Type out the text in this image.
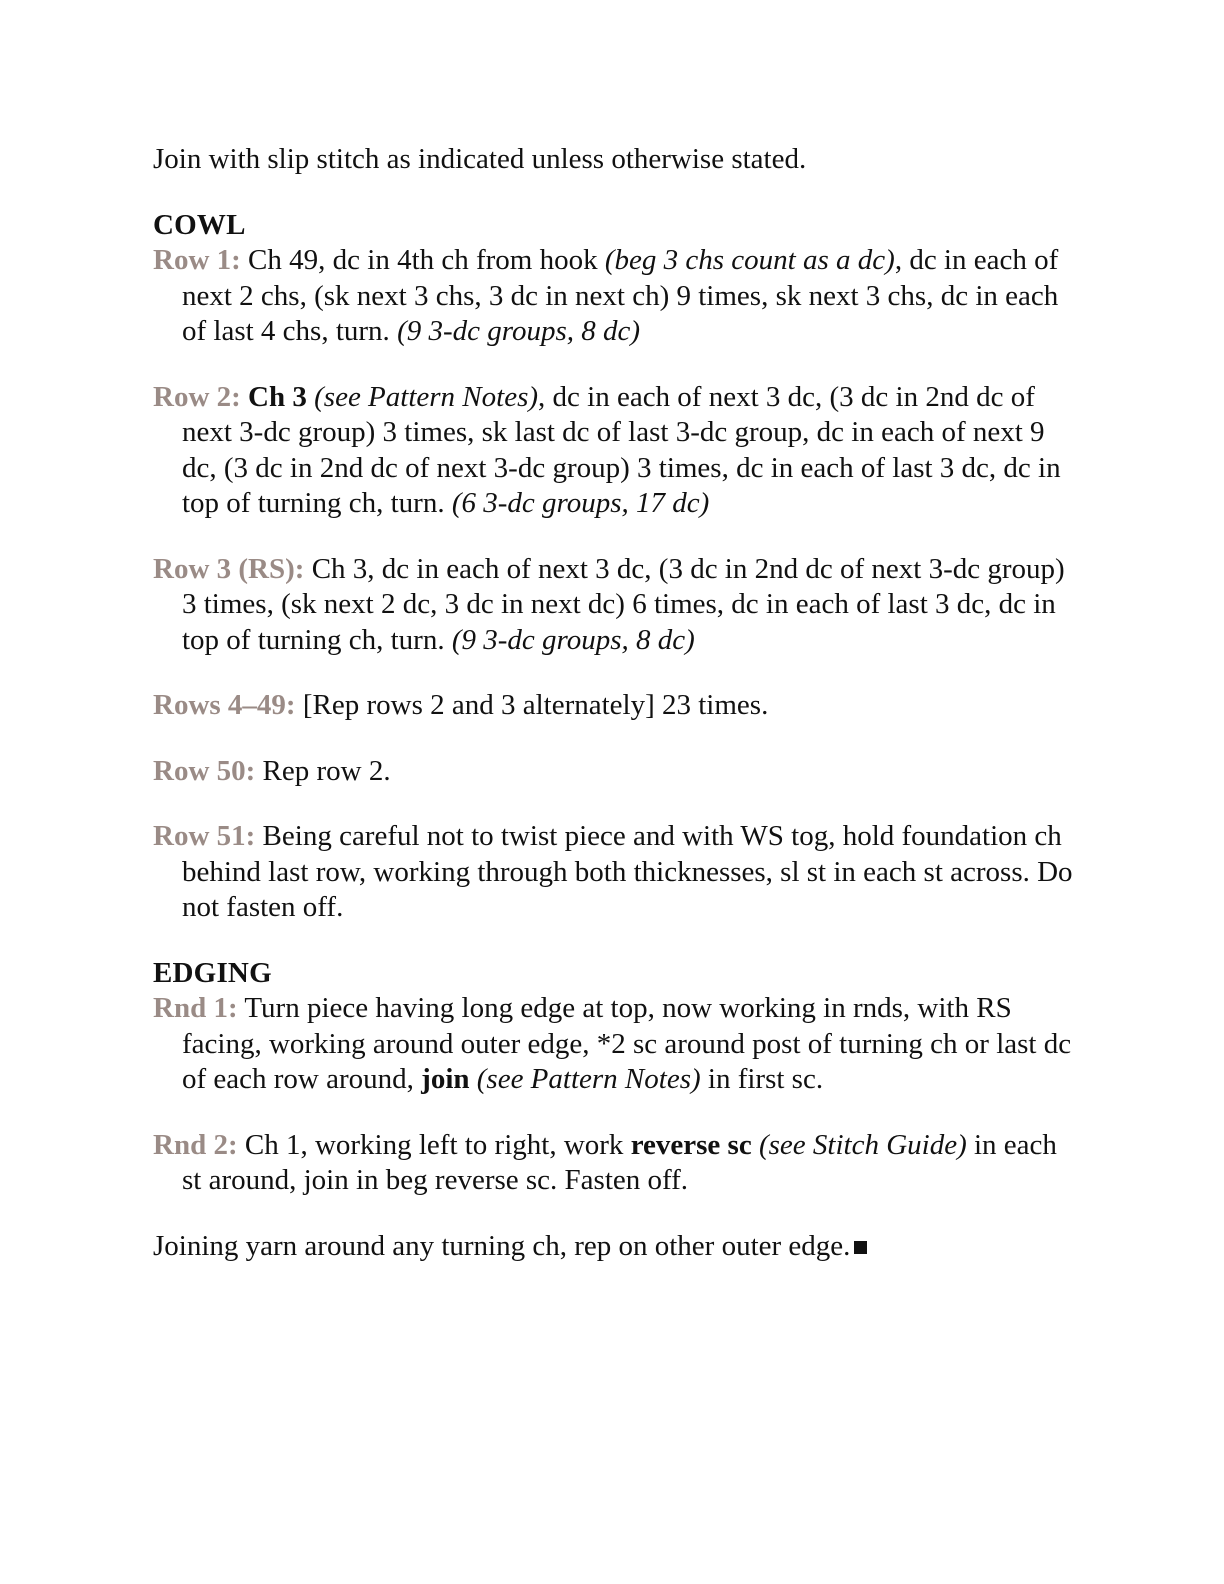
Join with slip stitch as indicated unless otherwise stated.

COWL

Row 1: Ch 49, dc in 4th ch from hook (beg 3 chs count as a dc), dc in each of next 2 chs, (sk next 3 chs, 3 dc in next ch) 9 times, sk next 3 chs, dc in each of last 4 chs, turn. (9 3-dc groups, 8 dc)

Row 2: Ch 3 (see Pattern Notes), dc in each of next 3 dc, (3 dc in 2nd dc of next 3-dc group) 3 times, sk last dc of last 3-dc group, dc in each of next 9 dc, (3 dc in 2nd dc of next 3-dc group) 3 times, dc in each of last 3 dc, dc in top of turning ch, turn. (6 3-dc groups, 17 dc)

Row 3 (RS): Ch 3, dc in each of next 3 dc, (3 dc in 2nd dc of next 3-dc group) 3 times, (sk next 2 dc, 3 dc in next dc) 6 times, dc in each of last 3 dc, dc in top of turning ch, turn. (9 3-dc groups, 8 dc)

Rows 4–49: [Rep rows 2 and 3 alternately] 23 times.

Row 50: Rep row 2.

Row 51: Being careful not to twist piece and with WS tog, hold foundation ch behind last row, working through both thicknesses, sl st in each st across. Do not fasten off.

EDGING

Rnd 1: Turn piece having long edge at top, now working in rnds, with RS facing, working around outer edge, *2 sc around post of turning ch or last dc of each row around, join (see Pattern Notes) in first sc.

Rnd 2: Ch 1, working left to right, work reverse sc (see Stitch Guide) in each st around, join in beg reverse sc. Fasten off.

Joining yarn around any turning ch, rep on other outer edge.
